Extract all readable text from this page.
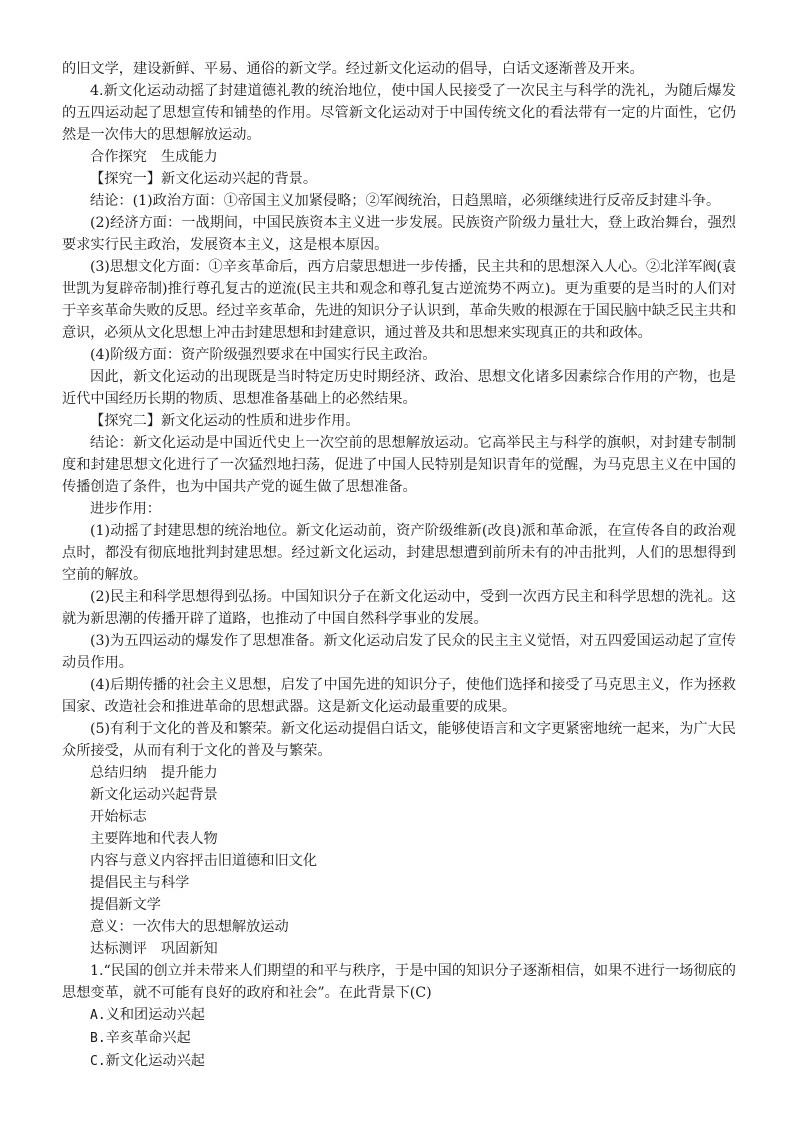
的旧文学，建设新鲜、平易、通俗的新文学。经过新文化运动的倡导，白话文逐渐普及开来。

4.新文化运动动摇了封建道德礼教的统治地位，使中国人民接受了一次民主与科学的洗礼，为随后爆发的五四运动起了思想宣传和铺垫的作用。尽管新文化运动对于中国传统文化的看法带有一定的片面性，它仍然是一次伟大的思想解放运动。

合作探究　生成能力

【探究一】新文化运动兴起的背景。

结论：(1)政治方面：①帝国主义加紧侵略；②军阀统治，日趋黑暗，必须继续进行反帝反封建斗争。

(2)经济方面：一战期间，中国民族资本主义进一步发展。民族资产阶级力量壮大，登上政治舞台，强烈要求实行民主政治，发展资本主义，这是根本原因。

(3)思想文化方面：①辛亥革命后，西方启蒙思想进一步传播，民主共和的思想深入人心。②北洋军阀(袁世凯为复辟帝制)推行尊孔复古的逆流(民主共和观念和尊孔复古逆流势不两立)。更为重要的是当时的人们对于辛亥革命失败的反思。经过辛亥革命，先进的知识分子认识到，革命失败的根源在于国民脑中缺乏民主共和意识，必须从文化思想上冲击封建思想和封建意识，通过普及共和思想来实现真正的共和政体。

(4)阶级方面：资产阶级强烈要求在中国实行民主政治。

因此，新文化运动的出现既是当时特定历史时期经济、政治、思想文化诸多因素综合作用的产物，也是近代中国经历长期的物质、思想准备基础上的必然结果。

【探究二】新文化运动的性质和进步作用。

结论：新文化运动是中国近代史上一次空前的思想解放运动。它高举民主与科学的旗帜，对封建专制制度和封建思想文化进行了一次猛烈地扫荡，促进了中国人民特别是知识青年的觉醒，为马克思主义在中国的传播创造了条件，也为中国共产党的诞生做了思想准备。

进步作用：

(1)动摇了封建思想的统治地位。新文化运动前，资产阶级维新(改良)派和革命派，在宣传各自的政治观点时，都没有彻底地批判封建思想。经过新文化运动，封建思想遭到前所未有的冲击批判，人们的思想得到空前的解放。

(2)民主和科学思想得到弘扬。中国知识分子在新文化运动中，受到一次西方民主和科学思想的洗礼。这就为新思潮的传播开辟了道路，也推动了中国自然科学事业的发展。

(3)为五四运动的爆发作了思想准备。新文化运动启发了民众的民主主义觉悟，对五四爱国运动起了宣传动员作用。

(4)后期传播的社会主义思想，启发了中国先进的知识分子，使他们选择和接受了马克思主义，作为拯救国家、改造社会和推进革命的思想武器。这是新文化运动最重要的成果。

(5)有利于文化的普及和繁荣。新文化运动提倡白话文，能够使语言和文字更紧密地统一起来，为广大民众所接受，从而有利于文化的普及与繁荣。

总结归纳　提升能力

新文化运动兴起背景

开始标志

主要阵地和代表人物

内容与意义内容抨击旧道德和旧文化

提倡民主与科学

提倡新文学

意义：一次伟大的思想解放运动

达标测评　巩固新知

1.“民国的创立并未带来人们期望的和平与秩序，于是中国的知识分子逐渐相信，如果不进行一场彻底的思想变革，就不可能有良好的政府和社会”。在此背景下(C)

A.义和团运动兴起

B.辛亥革命兴起

C.新文化运动兴起
